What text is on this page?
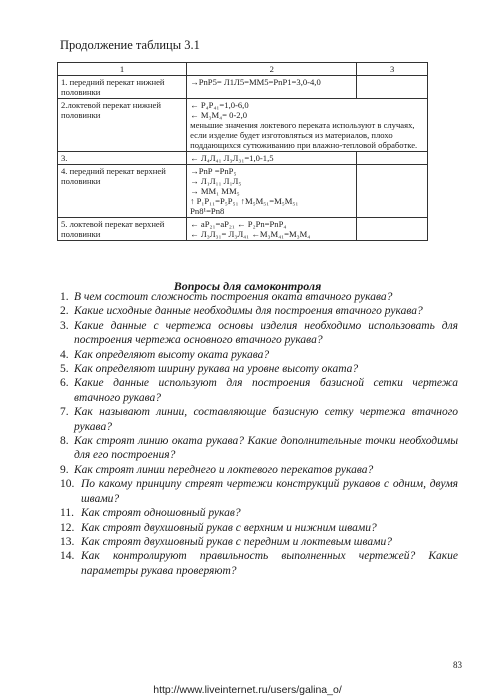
Продолжение таблицы 3.1
1	2	3
1. передний перекат нижней половинки	→РnР5= Л1Л5=ММ5=РnР1=3,0-4,0	

2.локтевой перекат нижней половинки	← Р₄Р₄₁=1,0-6,0
← М₃М₄= 0-2,0
меньшие значения локтевого переката используют в случаях, если изделие будет изготовляться из материалов, плохо поддающихся сутюживанию при влажно-тепловой обработке.	

3.	← Л₄Л₄₁ Л₃Л₃₁=1,0-1,5	

4. передний перекат верхней половинки	→РnР =РnР₅
→ Л₁Л₁₁ Л₁Л₅
→ ММ₁ ММ₅
↑ Р₁Р₁₁=Р₅Р₅₁ ↑М₅М₅₁=М₅М₅₁
Рn8¹=Рn8	

5. локтевой перекат верхней половинки	← аР₂₁=аР₂₁ ← Р₂Рn=РnР₄
← Л₃Л₃₁= Л₃Л₄₁ ←М₃М₄₁=М₃М₄	

Вопросы для самоконтроля
1. В чем состоит сложность построения оката втачного рукава?
2. Какие исходные данные необходимы для построения втачного рукава?
3. Какие данные с чертежа основы изделия необходимо использовать для построения чертежа основного втачного рукава?
4. Как определяют высоту оката рукава?
5. Как определяют ширину рукава на уровне высоту оката?
6. Какие данные используют для построения базисной сетки чертежа втачного рукава?
7. Как называют линии, составляющие базисную сетку чертежа втачного рукава?
8. Как строят линию оката рукава? Какие дополнительные точки необходимы для его построения?
9. Как строят линии переднего и локтевого перекатов рукава?
10. По какому принципу стреят чертежи конструкций рукавов с одним, двумя швами?
11. Как строят одношовный рукав?
12. Как строят двухшовный рукав с верхним и нижним швами?
13. Как строят двухшовный рукав с передним и локтевым швами?
14. Как контролируют правильность выполненных чертежей? Какие параметры рукава проверяют?
83
http://www.liveinternet.ru/users/galina_o/
